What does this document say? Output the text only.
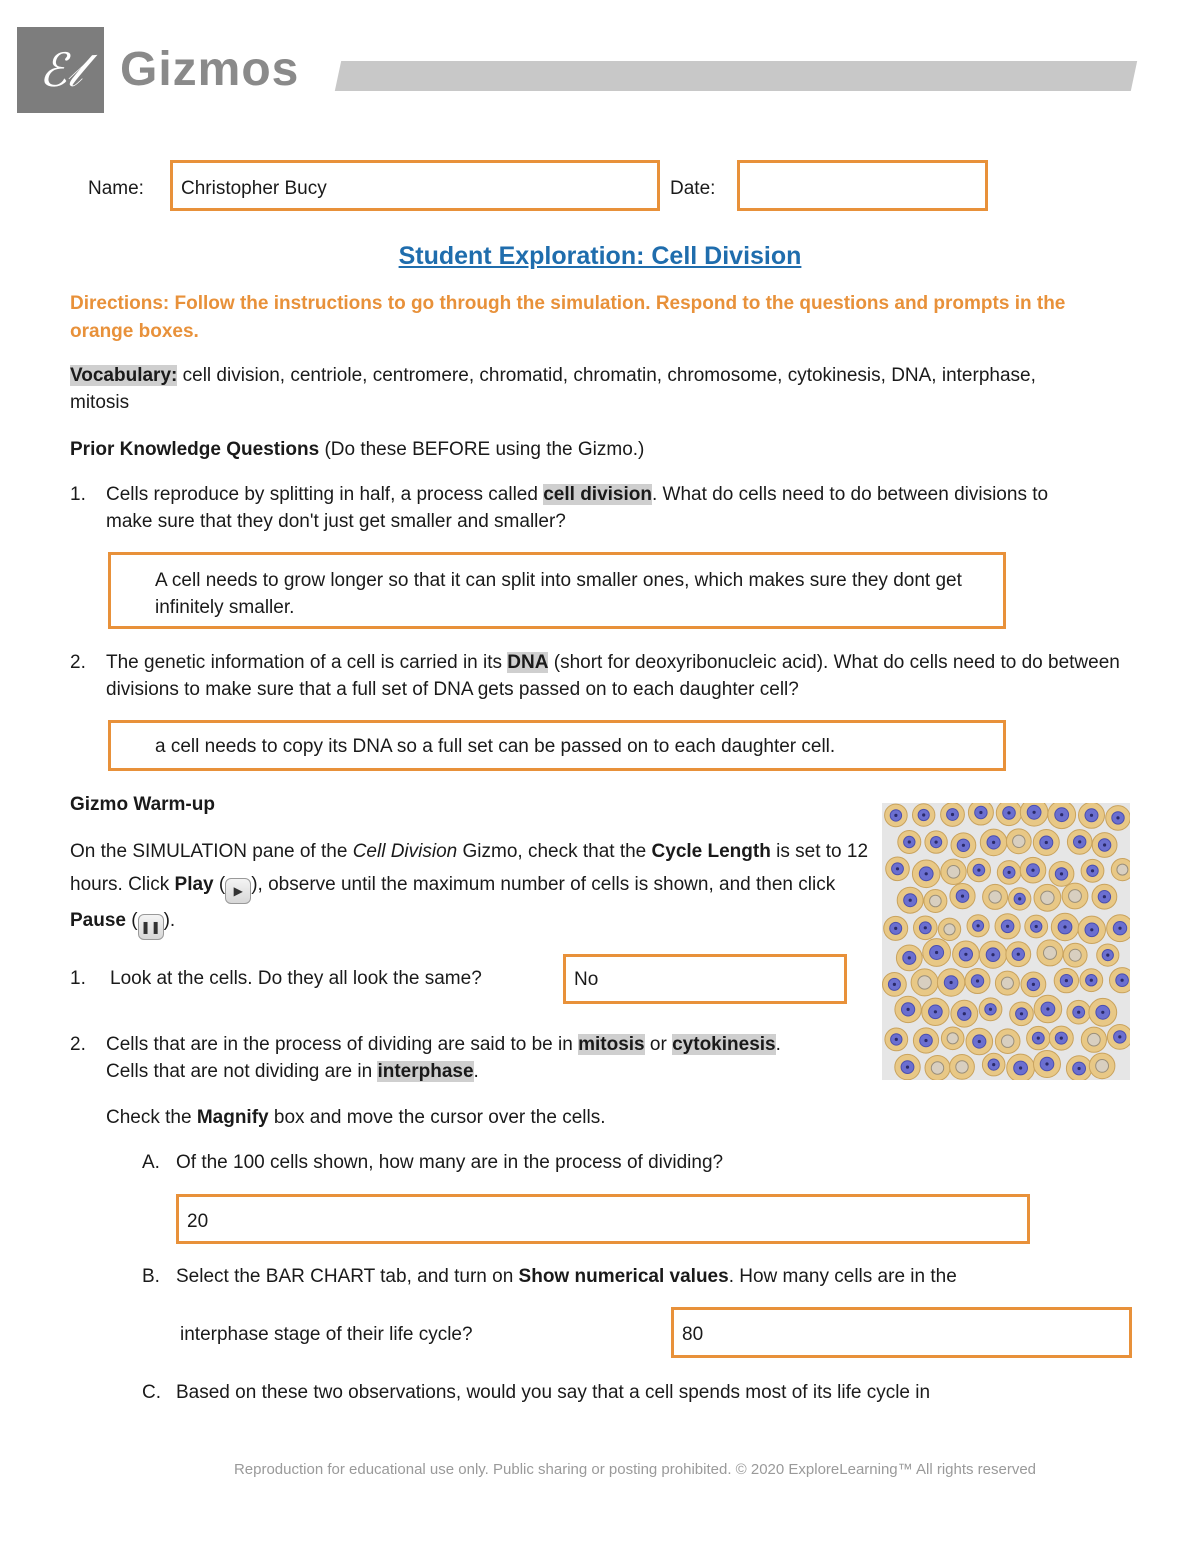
ℰ𝓁 Gizmos
Name:	Christopher Bucy	Date:
Student Exploration: Cell Division
Directions: Follow the instructions to go through the simulation. Respond to the questions and prompts in the orange boxes.
Vocabulary: cell division, centriole, centromere, chromatid, chromatin, chromosome, cytokinesis, DNA, interphase, mitosis
Prior Knowledge Questions (Do these BEFORE using the Gizmo.)
1. Cells reproduce by splitting in half, a process called cell division. What do cells need to do between divisions to make sure that they don't just get smaller and smaller?
A cell needs to grow longer so that it can split into smaller ones, which makes sure they dont get infinitely smaller.
2. The genetic information of a cell is carried in its DNA (short for deoxyribonucleic acid). What do cells need to do between divisions to make sure that a full set of DNA gets passed on to each daughter cell?
a cell needs to copy its DNA so a full set can be passed on to each daughter cell.
Gizmo Warm-up
On the SIMULATION pane of the Cell Division Gizmo, check that the Cycle Length is set to 12 hours. Click Play ( ▶ ), observe until the maximum number of cells is shown, and then click Pause ( ❚❚ ).
1. Look at the cells. Do they all look the same?	No
2. Cells that are in the process of dividing are said to be in mitosis or cytokinesis. Cells that are not dividing are in interphase.
Check the Magnify box and move the cursor over the cells.
A. Of the 100 cells shown, how many are in the process of dividing?
20
B. Select the BAR CHART tab, and turn on Show numerical values. How many cells are in the
interphase stage of their life cycle?	80
C. Based on these two observations, would you say that a cell spends most of its life cycle in
Reproduction for educational use only. Public sharing or posting prohibited. © 2020 ExploreLearning™ All rights reserved
